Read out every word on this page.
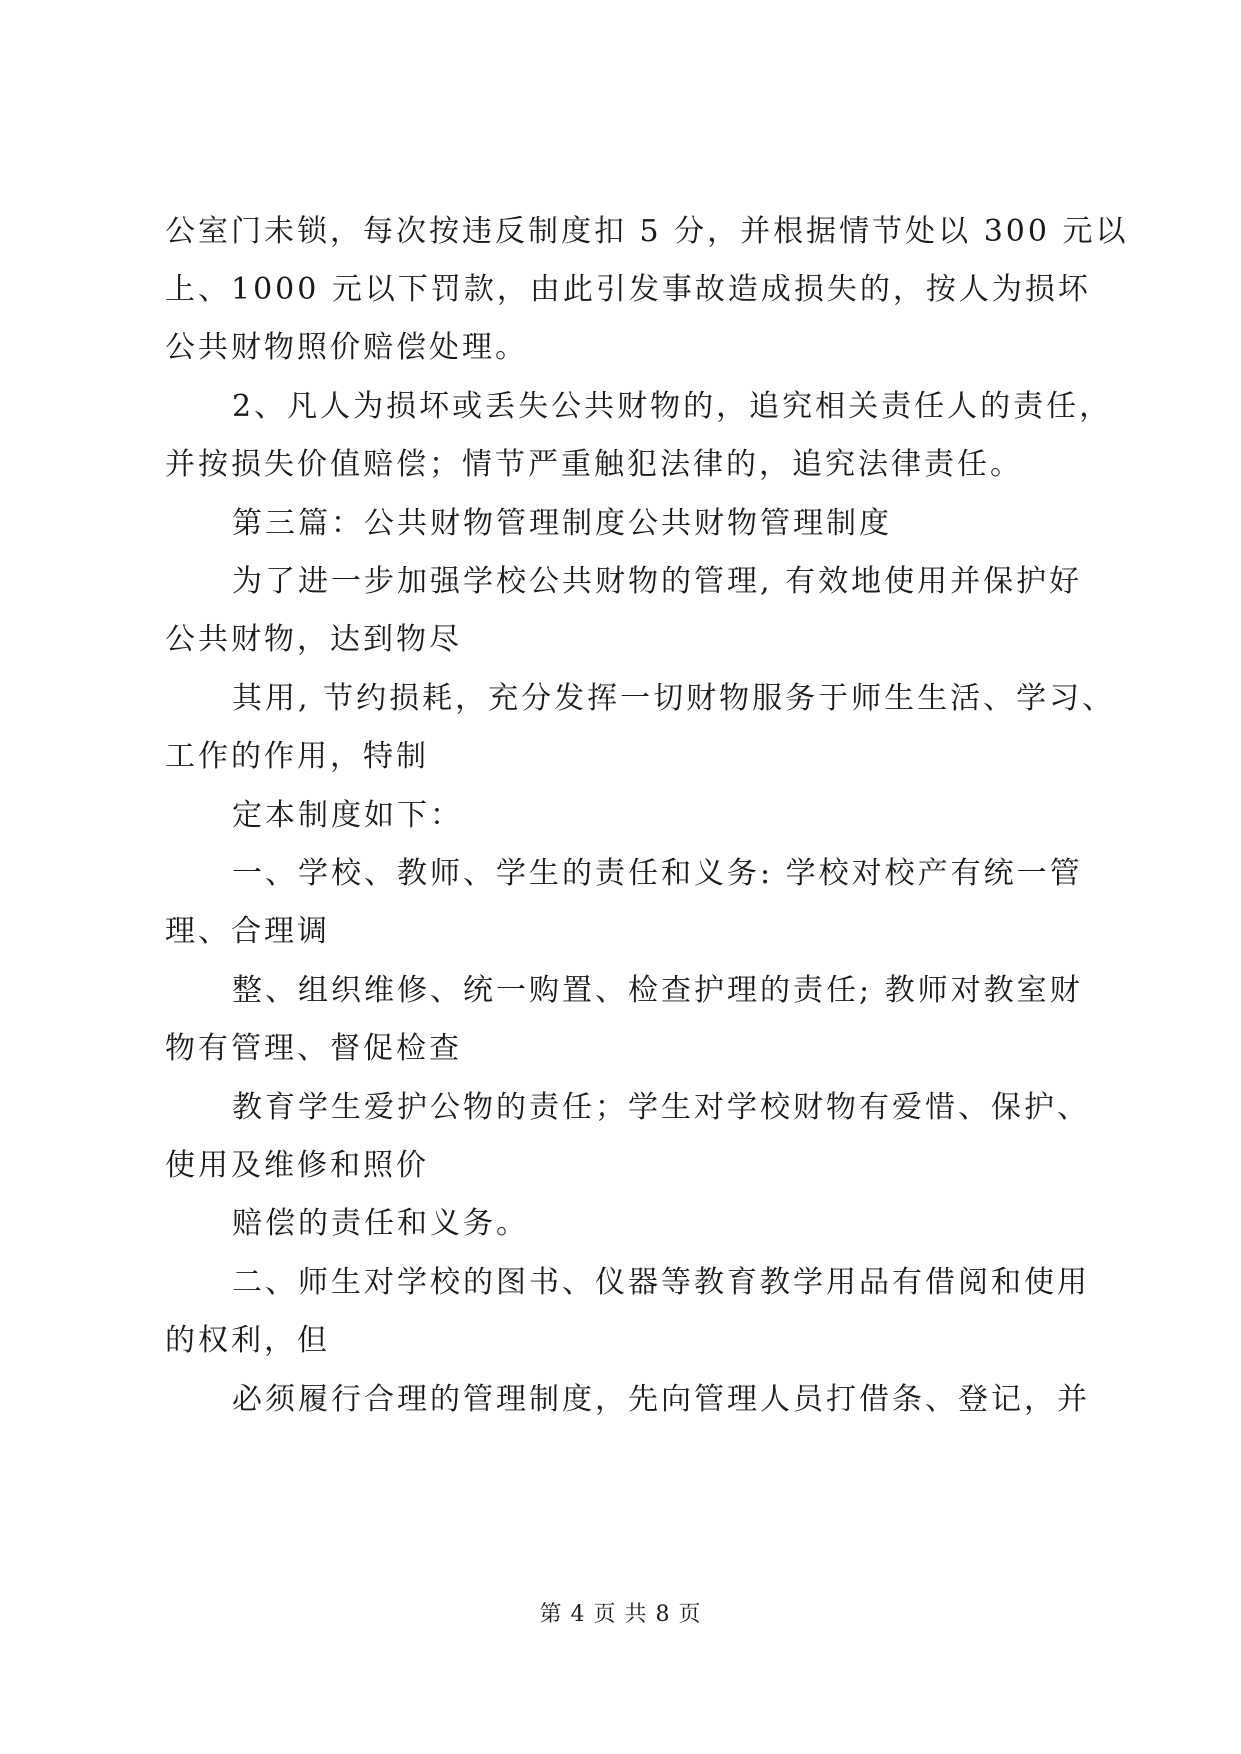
公室门未锁，每次按违反制度扣 5 分，并根据情节处以 300 元以
上、1000 元以下罚款，由此引发事故造成损失的，按人为损坏
公共财物照价赔偿处理。
2、凡人为损坏或丢失公共财物的，追究相关责任人的责任，
并按损失价值赔偿；情节严重触犯法律的，追究法律责任。
第三篇：公共财物管理制度公共财物管理制度
为了进一步加强学校公共财物的管理, 有效地使用并保护好
公共财物，达到物尽
其用, 节约损耗，充分发挥一切财物服务于师生生活、学习、
工作的作用，特制
定本制度如下：
一、学校、教师、学生的责任和义务: 学校对校产有统一管
理、合理调
整、组织维修、统一购置、检查护理的责任; 教师对教室财
物有管理、督促检查
教育学生爱护公物的责任；学生对学校财物有爱惜、保护、
使用及维修和照价
赔偿的责任和义务。
二、师生对学校的图书、仪器等教育教学用品有借阅和使用
的权利，但
必须履行合理的管理制度，先向管理人员打借条、登记，并
第 4 页 共 8 页
